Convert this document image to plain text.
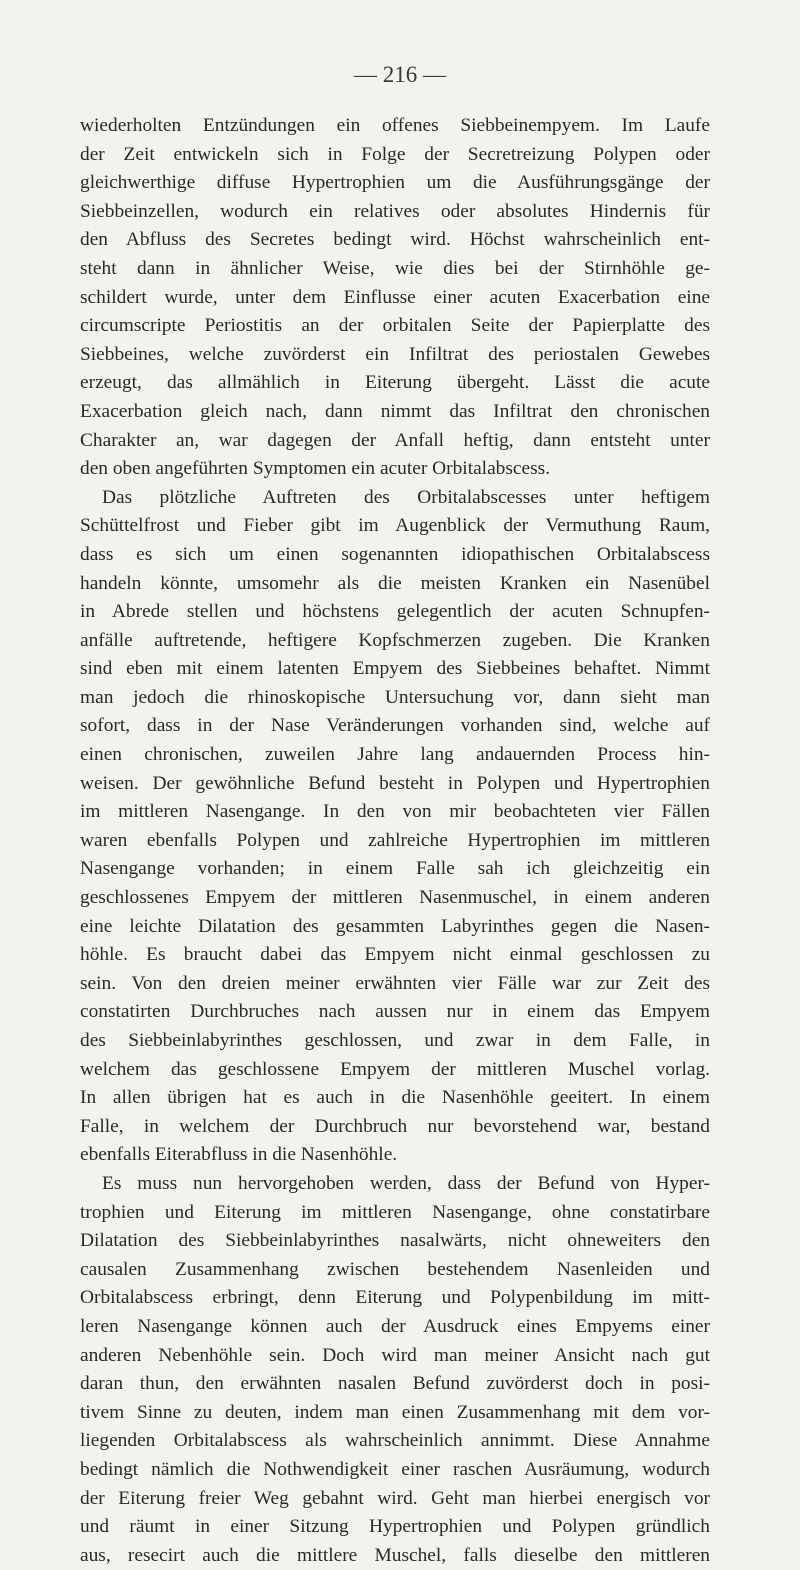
— 216 —
wiederholten Entzündungen ein offenes Siebbeinempyem. Im Laufe
der Zeit entwickeln sich in Folge der Secretreizung Polypen oder
gleichwerthige diffuse Hypertrophien um die Ausführungsgänge der
Siebbeinzellen, wodurch ein relatives oder absolutes Hindernis für
den Abfluss des Secretes bedingt wird. Höchst wahrscheinlich ent-
steht dann in ähnlicher Weise, wie dies bei der Stirnhöhle ge-
schildert wurde, unter dem Einflusse einer acuten Exacerbation eine
circumscripte Periostitis an der orbitalen Seite der Papierplatte des
Siebbeines, welche zuvörderst ein Infiltrat des periostalen Gewebes
erzeugt, das allmählich in Eiterung übergeht. Lässt die acute
Exacerbation gleich nach, dann nimmt das Infiltrat den chronischen
Charakter an, war dagegen der Anfall heftig, dann entsteht unter
den oben angeführten Symptomen ein acuter Orbitalabscess.
Das plötzliche Auftreten des Orbitalabscesses unter heftigem
Schüttelfrost und Fieber gibt im Augenblick der Vermuthung Raum,
dass es sich um einen sogenannten idiopathischen Orbitalabscess
handeln könnte, umsomehr als die meisten Kranken ein Nasenübel
in Abrede stellen und höchstens gelegentlich der acuten Schnupfen-
anfälle auftretende, heftigere Kopfschmerzen zugeben. Die Kranken
sind eben mit einem latenten Empyem des Siebbeines behaftet. Nimmt
man jedoch die rhinoskopische Untersuchung vor, dann sieht man
sofort, dass in der Nase Veränderungen vorhanden sind, welche auf
einen chronischen, zuweilen Jahre lang andauernden Process hin-
weisen. Der gewöhnliche Befund besteht in Polypen und Hypertrophien
im mittleren Nasengange. In den von mir beobachteten vier Fällen
waren ebenfalls Polypen und zahlreiche Hypertrophien im mittleren
Nasengange vorhanden; in einem Falle sah ich gleichzeitig ein
geschlossenes Empyem der mittleren Nasenmuschel, in einem anderen
eine leichte Dilatation des gesammten Labyrinthes gegen die Nasen-
höhle. Es braucht dabei das Empyem nicht einmal geschlossen zu
sein. Von den dreien meiner erwähnten vier Fälle war zur Zeit des
constatirten Durchbruches nach aussen nur in einem das Empyem
des Siebbeinlabyrinthes geschlossen, und zwar in dem Falle, in
welchem das geschlossene Empyem der mittleren Muschel vorlag.
In allen übrigen hat es auch in die Nasenhöhle geeitert. In einem
Falle, in welchem der Durchbruch nur bevorstehend war, bestand
ebenfalls Eiterabfluss in die Nasenhöhle.
Es muss nun hervorgehoben werden, dass der Befund von Hyper-
trophien und Eiterung im mittleren Nasengange, ohne constatirbare
Dilatation des Siebbeinlabyrinthes nasalwärts, nicht ohneweiters den
causalen Zusammenhang zwischen bestehendem Nasenleiden und
Orbitalabscess erbringt, denn Eiterung und Polypenbildung im mitt-
leren Nasengange können auch der Ausdruck eines Empyems einer
anderen Nebenhöhle sein. Doch wird man meiner Ansicht nach gut
daran thun, den erwähnten nasalen Befund zuvörderst doch in posi-
tivem Sinne zu deuten, indem man einen Zusammenhang mit dem vor-
liegenden Orbitalabscess als wahrscheinlich annimmt. Diese Annahme
bedingt nämlich die Nothwendigkeit einer raschen Ausräumung, wodurch
der Eiterung freier Weg gebahnt wird. Geht man hierbei energisch vor
und räumt in einer Sitzung Hypertrophien und Polypen gründlich
aus, resecirt auch die mittlere Muschel, falls dieselbe den mittleren
